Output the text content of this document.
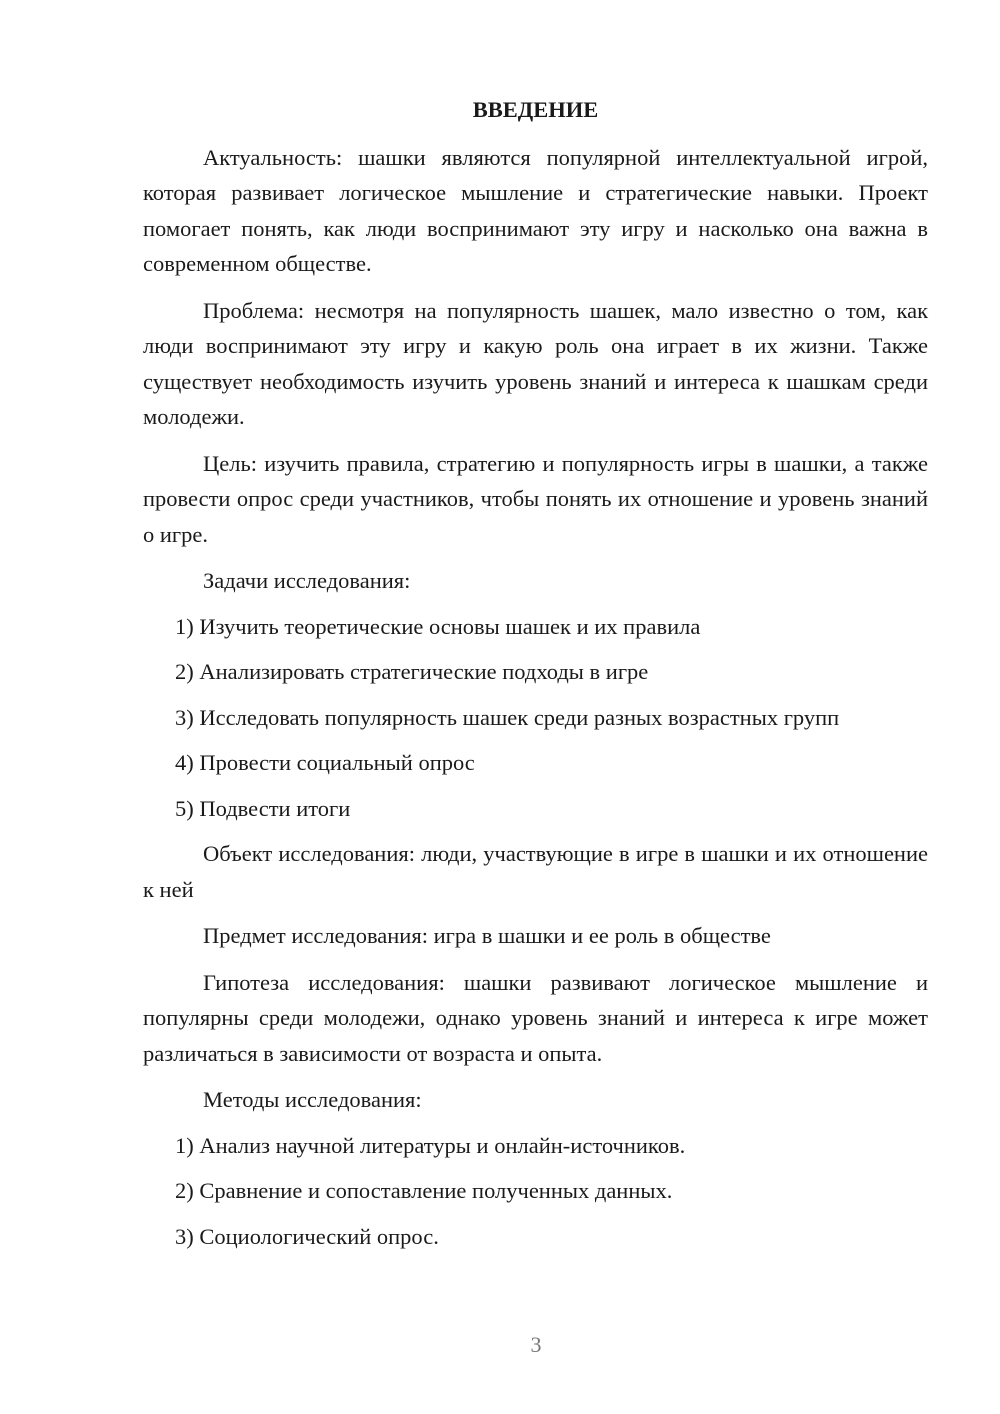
ВВЕДЕНИЕ

Актуальность: шашки являются популярной интеллектуальной игрой, которая развивает логическое мышление и стратегические навыки. Проект помогает понять, как люди воспринимают эту игру и насколько она важна в современном обществе.

Проблема: несмотря на популярность шашек, мало известно о том, как люди воспринимают эту игру и какую роль она играет в их жизни. Также существует необходимость изучить уровень знаний и интереса к шашкам среди молодежи.

Цель: изучить правила, стратегию и популярность игры в шашки, а также провести опрос среди участников, чтобы понять их отношение и уровень знаний о игре.

Задачи исследования:

1) Изучить теоретические основы шашек и их правила

2) Анализировать стратегические подходы в игре

3) Исследовать популярность шашек среди разных возрастных групп

4) Провести социальный опрос

5) Подвести итоги

Объект исследования: люди, участвующие в игре в шашки и их отношение к ней

Предмет исследования: игра в шашки и ее роль в обществе

Гипотеза исследования: шашки развивают логическое мышление и популярны среди молодежи, однако уровень знаний и интереса к игре может различаться в зависимости от возраста и опыта.

Методы исследования:

1) Анализ научной литературы и онлайн-источников.

2) Сравнение и сопоставление полученных данных.

3) Социологический опрос.

3
